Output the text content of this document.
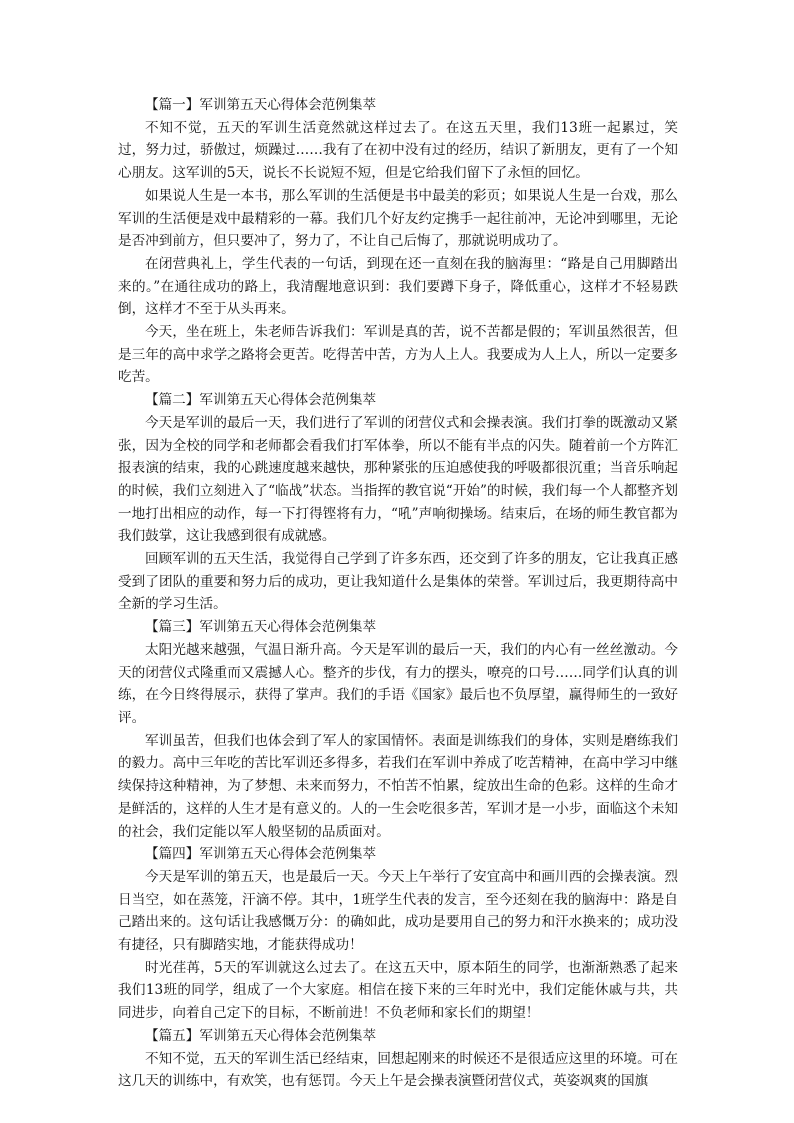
【篇一】军训第五天心得体会范例集萃

不知不觉，五天的军训生活竟然就这样过去了。在这五天里，我们13班一起累过，笑过，努力过，骄傲过，烦躁过……我有了在初中没有过的经历，结识了新朋友，更有了一个知心朋友。这军训的5天，说长不长说短不短，但是它给我们留下了永恒的回忆。

如果说人生是一本书，那么军训的生活便是书中最美的彩页；如果说人生是一台戏，那么军训的生活便是戏中最精彩的一幕。我们几个好友约定携手一起往前冲，无论冲到哪里，无论是否冲到前方，但只要冲了，努力了，不让自己后悔了，那就说明成功了。

在闭营典礼上，学生代表的一句话，到现在还一直刻在我的脑海里：“路是自己用脚踏出来的。”在通往成功的路上，我清醒地意识到：我们要蹲下身子，降低重心，这样才不轻易跌倒，这样才不至于从头再来。

今天，坐在班上，朱老师告诉我们：军训是真的苦，说不苦都是假的；军训虽然很苦，但是三年的高中求学之路将会更苦。吃得苦中苦，方为人上人。我要成为人上人，所以一定要多吃苦。

【篇二】军训第五天心得体会范例集萃

今天是军训的最后一天，我们进行了军训的闭营仪式和会操表演。我们打拳的既激动又紧张，因为全校的同学和老师都会看我们打军体拳，所以不能有半点的闪失。随着前一个方阵汇报表演的结束，我的心跳速度越来越快，那种紧张的压迫感使我的呼吸都很沉重；当音乐响起的时候，我们立刻进入了“临战”状态。当指挥的教官说“开始”的时候，我们每一个人都整齐划一地打出相应的动作，每一下打得铿将有力，“吼”声响彻操场。结束后，在场的师生教官都为我们鼓掌，这让我感到很有成就感。

回顾军训的五天生活，我觉得自己学到了许多东西，还交到了许多的朋友，它让我真正感受到了团队的重要和努力后的成功，更让我知道什么是集体的荣誉。军训过后，我更期待高中全新的学习生活。

【篇三】军训第五天心得体会范例集萃

太阳光越来越强，气温日渐升高。今天是军训的最后一天，我们的内心有一丝丝激动。今天的闭营仪式隆重而又震撼人心。整齐的步伐，有力的摆头，嘹亮的口号……同学们认真的训练，在今日终得展示，获得了掌声。我们的手语《国家》最后也不负厚望，赢得师生的一致好评。

军训虽苦，但我们也体会到了军人的家国情怀。表面是训练我们的身体，实则是磨练我们的毅力。高中三年吃的苦比军训还多得多，若我们在军训中养成了吃苦精神，在高中学习中继续保持这种精神，为了梦想、未来而努力，不怕苦不怕累，绽放出生命的色彩。这样的生命才是鲜活的，这样的人生才是有意义的。人的一生会吃很多苦，军训才是一小步，面临这个未知的社会，我们定能以军人般坚韧的品质面对。

【篇四】军训第五天心得体会范例集萃

今天是军训的第五天，也是最后一天。今天上午举行了安宜高中和画川西的会操表演。烈日当空，如在蒸笼，汗滴不停。其中，1班学生代表的发言，至今还刻在我的脑海中：路是自己踏出来的。这句话让我感慨万分：的确如此，成功是要用自己的努力和汗水换来的；成功没有捷径，只有脚踏实地，才能获得成功！

时光荏苒，5天的军训就这么过去了。在这五天中，原本陌生的同学，也渐渐熟悉了起来 我们13班的同学，组成了一个大家庭。相信在接下来的三年时光中，我们定能休戚与共，共同进步，向着自己定下的目标，不断前进！不负老师和家长们的期望！

【篇五】军训第五天心得体会范例集萃

不知不觉，五天的军训生活已经结束，回想起刚来的时候还不是很适应这里的环境。可在这几天的训练中，有欢笑，也有惩罚。今天上午是会操表演暨闭营仪式，英姿飒爽的国旗
